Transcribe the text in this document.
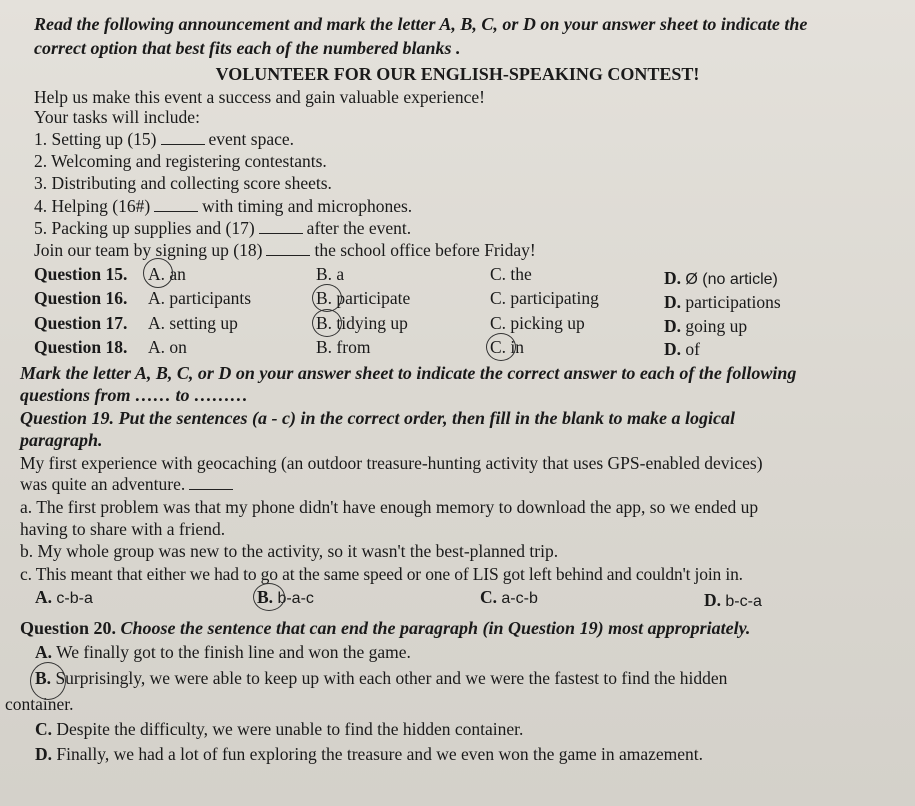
Read the following announcement and mark the letter A, B, C, or D on your answer sheet to indicate the
correct option that best fits each of the numbered blanks .
VOLUNTEER FOR OUR ENGLISH-SPEAKING CONTEST!
Help us make this event a success and gain valuable experience!
Your tasks will include:
1. Setting up (15)	event space.
2. Welcoming and registering contestants.
3. Distributing and collecting score sheets.
4. Helping (16#)	with timing and microphones.
5. Packing up supplies and (17)	after the event.
Join our team by signing up (18)	the school office before Friday!
Question 15. A. an	B. a	C. the	D. Ø (no article)
Question 16. A. participants	B. participate	C. participating	D. participations
Question 17. A. setting up	B. tidying up	C. picking up	D. going up
Question 18. A. on	B. from	C. in	D. of
Mark the letter A, B, C, or D on your answer sheet to indicate the correct answer to each of the following
questions from …… to ………
Question 19. Put the sentences (a - c) in the correct order, then fill in the blank to make a logical
paragraph.
My first experience with geocaching (an outdoor treasure-hunting activity that uses GPS-enabled devices)
was quite an adventure.
a. The first problem was that my phone didn't have enough memory to download the app, so we ended up
having to share with a friend.
b. My whole group was new to the activity, so it wasn't the best-planned trip.
c. This meant that either we had to go at the same speed or one of LIS got left behind and couldn't join in.
A. c-b-a	B. b-a-c	C. a-c-b	D. b-c-a
Question 20. Choose the sentence that can end the paragraph (in Question 19) most appropriately.
A. We finally got to the finish line and won the game.
B. Surprisingly, we were able to keep up with each other and we were the fastest to find the hidden
container.
C. Despite the difficulty, we were unable to find the hidden container.
D. Finally, we had a lot of fun exploring the treasure and we even won the game in amazement.
